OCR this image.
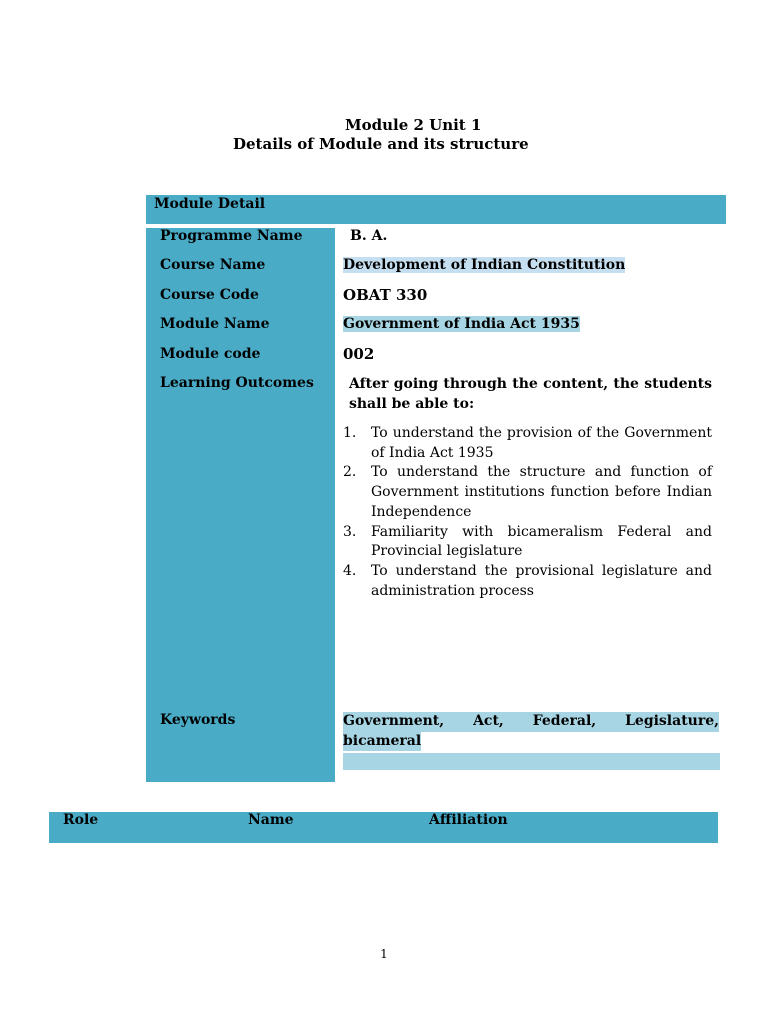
Module 2 Unit 1
Details of Module and its structure
Module Detail
Programme Name
Course Name
Course Code
Module Name
Module code
Learning Outcomes
Keywords
B. A.
Development of Indian Constitution
OBAT 330
Government of India Act 1935
002
After going through the content, the students shall be able to:
1. To understand the provision of the Government of India Act 1935
2. To understand the structure and function of Government institutions function before Indian Independence
3. Familiarity with bicameralism Federal and Provincial legislature
4. To understand the provisional legislature and administration process
Government, Act, Federal, Legislature,
bicameral
Role	Name	Affiliation
1
